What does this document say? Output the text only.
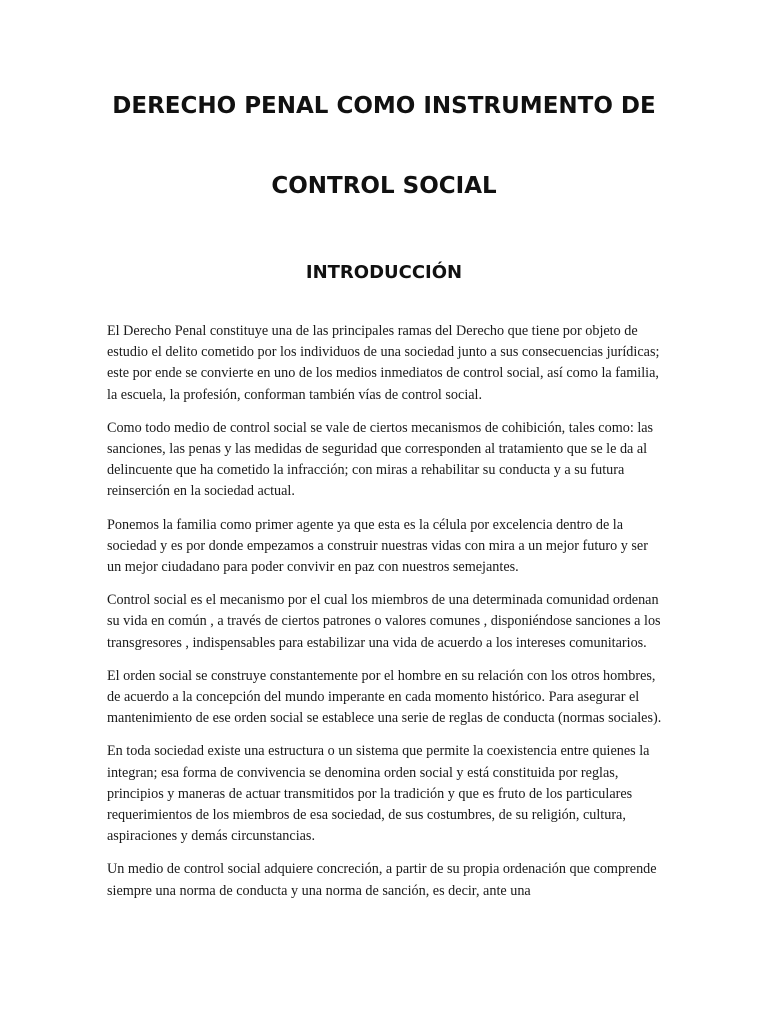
DERECHO PENAL COMO INSTRUMENTO DE
CONTROL SOCIAL
INTRODUCCIÓN

El Derecho Penal constituye una de las principales ramas del Derecho que tiene por objeto de estudio el delito cometido por los individuos de una sociedad junto a sus consecuencias jurídicas; este por ende se convierte en uno de los medios inmediatos de control social, así como la familia, la escuela, la profesión, conforman también vías de control social.

Como todo medio de control social se vale de ciertos mecanismos de cohibición, tales como: las sanciones, las penas y las medidas de seguridad que corresponden al tratamiento que se le da al delincuente que ha cometido la infracción; con miras a rehabilitar su conducta y a su futura reinserción en la sociedad actual.

Ponemos la familia como primer agente ya que esta es la célula por excelencia dentro de la sociedad y es por donde empezamos a construir nuestras vidas con mira a un mejor futuro y ser un mejor ciudadano para poder convivir en paz con nuestros semejantes.

Control social es el mecanismo por el cual los miembros de una determinada comunidad ordenan su vida en común , a través de ciertos patrones o valores comunes , disponiéndose sanciones a los transgresores , indispensables para estabilizar una vida de acuerdo a los intereses comunitarios.

El orden social se construye constantemente por el hombre en su relación con los otros hombres, de acuerdo a la concepción del mundo imperante en cada momento histórico. Para asegurar el mantenimiento de ese orden social se establece una serie de reglas de conducta (normas sociales).

En toda sociedad existe una estructura o un sistema que permite la coexistencia entre quienes la integran; esa forma de convivencia se denomina orden social y está constituida por reglas, principios y maneras de actuar transmitidos por la tradición y que es fruto de los particulares requerimientos de los miembros de esa sociedad, de sus costumbres, de su religión, cultura, aspiraciones y demás circunstancias.

Un medio de control social adquiere concreción, a partir de su propia ordenación que comprende siempre una norma de conducta y una norma de sanción, es decir, ante una
